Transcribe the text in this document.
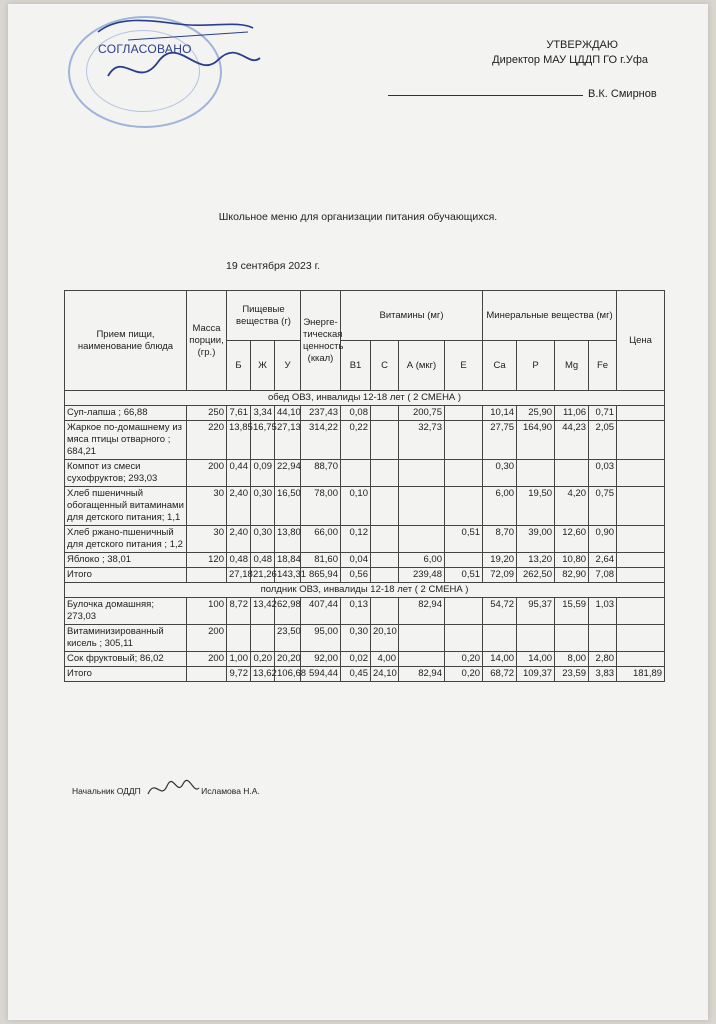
СОГЛАСОВАНО	УТВЕРЖДАЮ
Директор МАУ ЦДДП ГО г.Уфа
В.К. Смирнов
Школьное меню для организации питания обучающихся.
19 сентября 2023 г.
Прием пищи, наименование блюда	Масса порции, (гр.)	Пищевые вещества (г)			Энерге-тическая ценность (ккал)	Витамины (мг)				Минеральные вещества (мг)				Цена
		Б	Ж	У		B1	C	А (мкг)	Е	Ca	P	Mg	Fe	
обед ОВЗ, инвалиды 12-18 лет ( 2 СМЕНА )														
Суп-лапша ; 66,88	250	7,61	3,34	44,10	237,43	0,08		200,75		10,14	25,90	11,06	0,71	
Жаркое по-домашнему из мяса птицы отварного ; 684,21	220	13,85	16,75	27,13	314,22	0,22		32,73		27,75	164,90	44,23	2,05	
Компот из смеси сухофруктов; 293,03	200	0,44	0,09	22,94	88,70					0,30			0,03	
Хлеб пшеничный обогащенный витаминами для детского питания; 1,1	30	2,40	0,30	16,50	78,00	0,10				6,00	19,50	4,20	0,75	
Хлеб ржано-пшеничный для детского питания ; 1,2	30	2,40	0,30	13,80	66,00	0,12			0,51	8,70	39,00	12,60	0,90	
Яблоко ; 38,01	120	0,48	0,48	18,84	81,60	0,04		6,00		19,20	13,20	10,80	2,64	
Итого		27,18	21,26	143,31	865,94	0,56		239,48	0,51	72,09	262,50	82,90	7,08	
полдник ОВЗ, инвалиды 12-18 лет ( 2 СМЕНА )														
Булочка домашняя; 273,03	100	8,72	13,42	62,98	407,44	0,13		82,94		54,72	95,37	15,59	1,03	
Витаминизированный кисель ; 305,11	200			23,50	95,00	0,30	20,10							
Сок фруктовый; 86,02	200	1,00	0,20	20,20	92,00	0,02	4,00		0,20	14,00	14,00	8,00	2,80	
Итого		9,72	13,62	106,68	594,44	0,45	24,10	82,94	0,20	68,72	109,37	23,59	3,83	181,89
Начальник ОДДП	Исламова Н.А.
